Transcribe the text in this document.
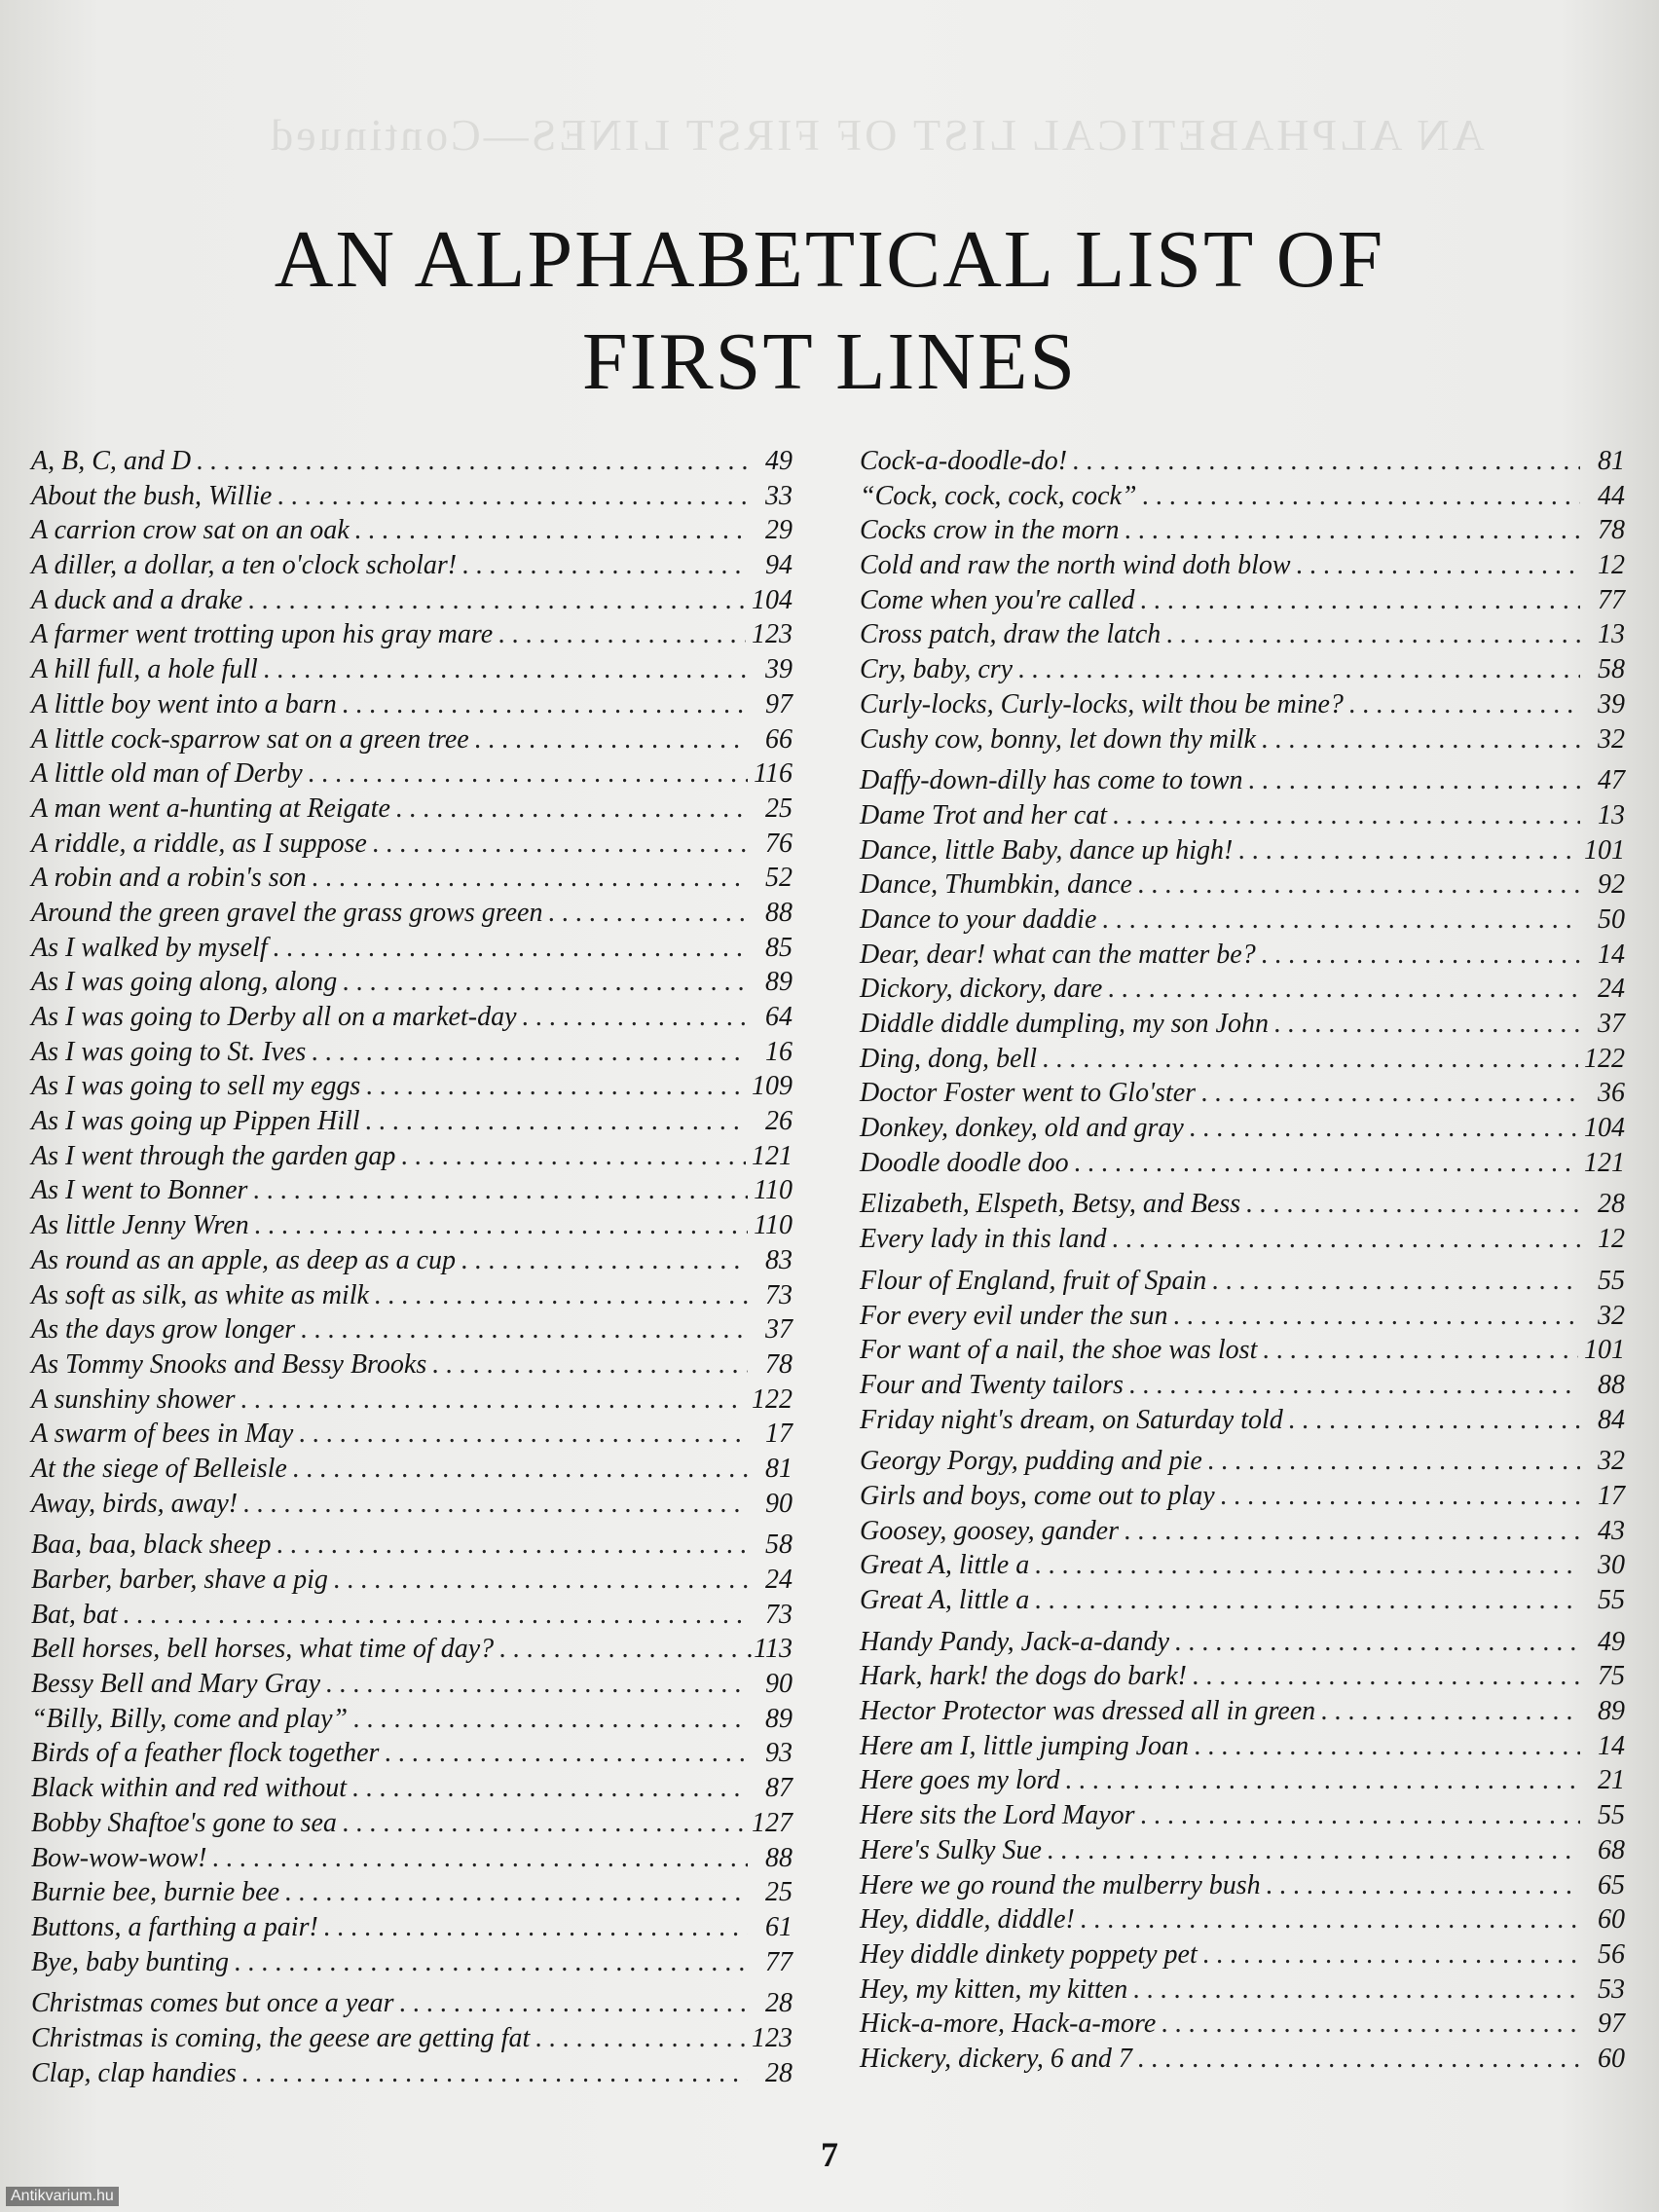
AN ALPHABETICAL LIST OF FIRST LINES—Continued
AN ALPHABETICAL LIST OF
FIRST LINES
A, B, C, and D . . .	49
About the bush, Willie . . .	33
A carrion crow sat on an oak . . .	29
A diller, a dollar, a ten o'clock scholar! . . .	94
A duck and a drake . . .	104
A farmer went trotting upon his gray mare . . .	123
A hill full, a hole full . . .	39
A little boy went into a barn . . .	97
A little cock-sparrow sat on a green tree . . .	66
A little old man of Derby . . .	116
A man went a-hunting at Reigate . . .	25
A riddle, a riddle, as I suppose . . .	76
A robin and a robin's son . . .	52
Around the green gravel the grass grows green . . .	88
As I walked by myself . . .	85
As I was going along, along . . .	89
As I was going to Derby all on a market-day . . .	64
As I was going to St. Ives . . .	16
As I was going to sell my eggs . . .	109
As I was going up Pippen Hill . . .	26
As I went through the garden gap . . .	121
As I went to Bonner . . .	110
As little Jenny Wren . . .	110
As round as an apple, as deep as a cup . . .	83
As soft as silk, as white as milk . . .	73
As the days grow longer . . .	37
As Tommy Snooks and Bessy Brooks . . .	78
A sunshiny shower . . .	122
A swarm of bees in May . . .	17
At the siege of Belleisle . . .	81
Away, birds, away! . . .	90
Baa, baa, black sheep . . .	58
Barber, barber, shave a pig . . .	24
Bat, bat . . .	73
Bell horses, bell horses, what time of day? . . .	.113
Bessy Bell and Mary Gray . . .	90
“Billy, Billy, come and play” . . .	89
Birds of a feather flock together . . .	93
Black within and red without . . .	87
Bobby Shaftoe's gone to sea . . .	127
Bow-wow-wow! . . .	88
Burnie bee, burnie bee . . .	25
Buttons, a farthing a pair! . . .	61
Bye, baby bunting . . .	77
Christmas comes but once a year . . .	28
Christmas is coming, the geese are getting fat . . .	123
Clap, clap handies . . .	28
Cock-a-doodle-do! . . .	81
“Cock, cock, cock, cock” . . .	44
Cocks crow in the morn . . .	78
Cold and raw the north wind doth blow . . .	12
Come when you're called . . .	77
Cross patch, draw the latch . . .	13
Cry, baby, cry . . .	58
Curly-locks, Curly-locks, wilt thou be mine? . . .	39
Cushy cow, bonny, let down thy milk . . .	32
Daffy-down-dilly has come to town . . .	47
Dame Trot and her cat . . .	13
Dance, little Baby, dance up high! . . .	101
Dance, Thumbkin, dance . . .	92
Dance to your daddie . . .	50
Dear, dear! what can the matter be? . . .	14
Dickory, dickory, dare . . .	24
Diddle diddle dumpling, my son John . . .	37
Ding, dong, bell . . .	122
Doctor Foster went to Glo'ster . . .	36
Donkey, donkey, old and gray . . .	104
Doodle doodle doo . . .	121
Elizabeth, Elspeth, Betsy, and Bess . . .	28
Every lady in this land . . .	12
Flour of England, fruit of Spain . . .	55
For every evil under the sun . . .	32
For want of a nail, the shoe was lost . . .	101
Four and Twenty tailors . . .	88
Friday night's dream, on Saturday told . . .	84
Georgy Porgy, pudding and pie . . .	32
Girls and boys, come out to play . . .	17
Goosey, goosey, gander . . .	43
Great A, little a . . .	30
Great A, little a . . .	55
Handy Pandy, Jack-a-dandy . . .	49
Hark, hark! the dogs do bark! . . .	75
Hector Protector was dressed all in green . . .	89
Here am I, little jumping Joan . . .	14
Here goes my lord . . .	21
Here sits the Lord Mayor . . .	55
Here's Sulky Sue . . .	68
Here we go round the mulberry bush . . .	65
Hey, diddle, diddle! . . .	60
Hey diddle dinkety poppety pet . . .	56
Hey, my kitten, my kitten . . .	53
Hick-a-more, Hack-a-more . . .	97
Hickery, dickery, 6 and 7 . . .	60
7
Antikvarium.hu
